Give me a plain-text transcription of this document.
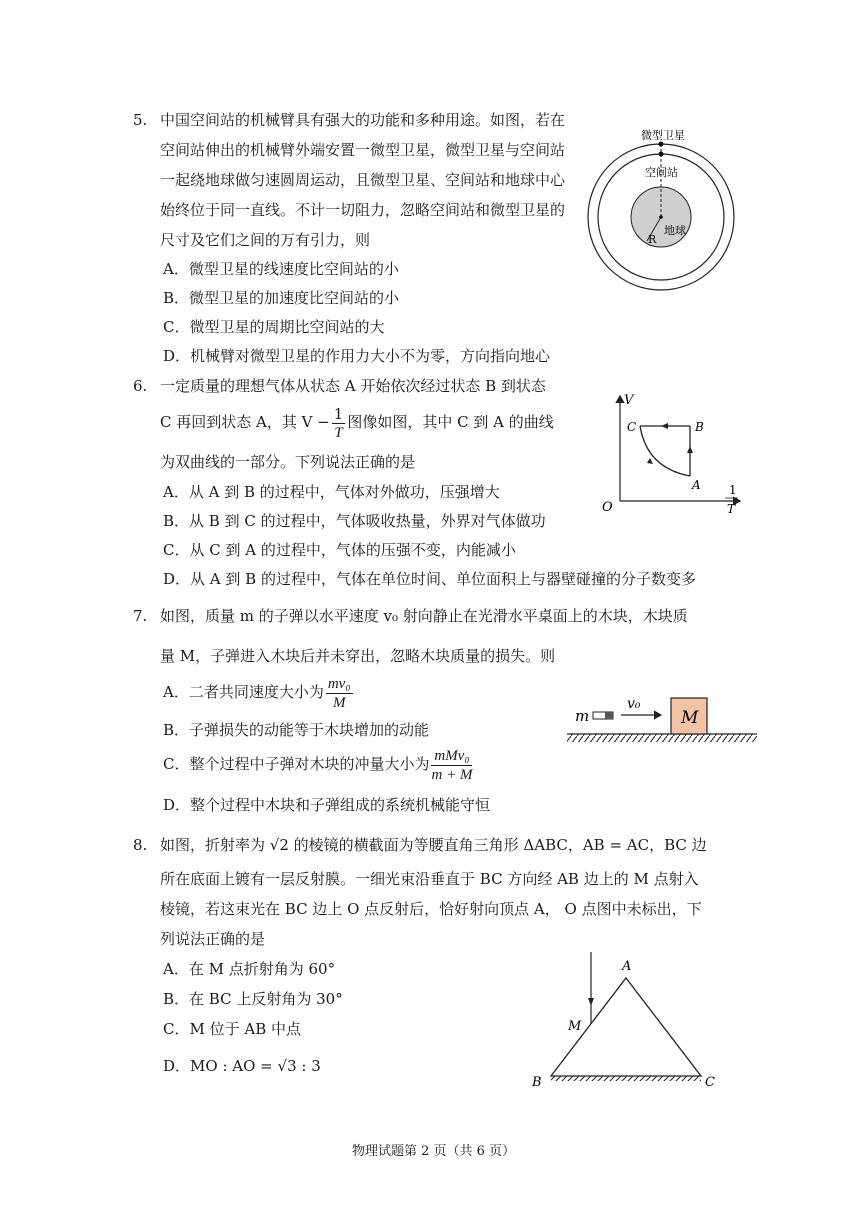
5. 中国空间站的机械臂具有强大的功能和多种用途。如图，若在
空间站伸出的机械臂外端安置一微型卫星，微型卫星与空间站
一起绕地球做匀速圆周运动，且微型卫星、空间站和地球中心
始终位于同一直线。不计一切阻力，忽略空间站和微型卫星的
尺寸及它们之间的万有引力，则
A．微型卫星的线速度比空间站的小
B．微型卫星的加速度比空间站的小
C．微型卫星的周期比空间站的大
D．机械臂对微型卫星的作用力大小不为零，方向指向地心
微型卫星
空间站
地球
R
6. 一定质量的理想气体从状态 A 开始依次经过状态 B 到状态
C 再回到状态 A，其 $V - \frac{1}{T}$ 图像如图，其中 C 到 A 的曲线
为双曲线的一部分。下列说法正确的是
A．从 A 到 B 的过程中，气体对外做功，压强增大
B．从 B 到 C 的过程中，气体吸收热量，外界对气体做功
C．从 C 到 A 的过程中，气体的压强不变，内能减小
D．从 A 到 B 的过程中，气体在单位时间、单位面积上与器壁碰撞的分子数变多
V
O
1
T
C	B
A
7. 如图，质量 m 的子弹以水平速度 v₀ 射向静止在光滑水平桌面上的木块，木块质
量 M，子弹进入木块后并未穿出，忽略木块质量的损失。则
A．二者共同速度大小为 $\frac{\text{mv₀}}{M}$
B．子弹损失的动能等于木块增加的动能
C．整个过程中子弹对木块的冲量大小为 $\frac{\text{mMv₀}}{m + M}$
D．整个过程中木块和子弹组成的系统机械能守恒
m
v₀
M
8. 如图，折射率为 √2 的棱镜的横截面为等腰直角三角形 ΔABC，AB = AC，BC 边
所在底面上镀有一层反射膜。一细光束沿垂直于 BC 方向经 AB 边上的 M 点射入
棱镜，若这束光在 BC 边上 O 点反射后，恰好射向顶点 A， O 点图中未标出，下
列说法正确的是
A．在 M 点折射角为 60°
B．在 BC 上反射角为 30°
C．M 位于 AB 中点
D．MO : AO = √3 : 3
A
B	C
M
物理试题第 2 页（共 6 页）
